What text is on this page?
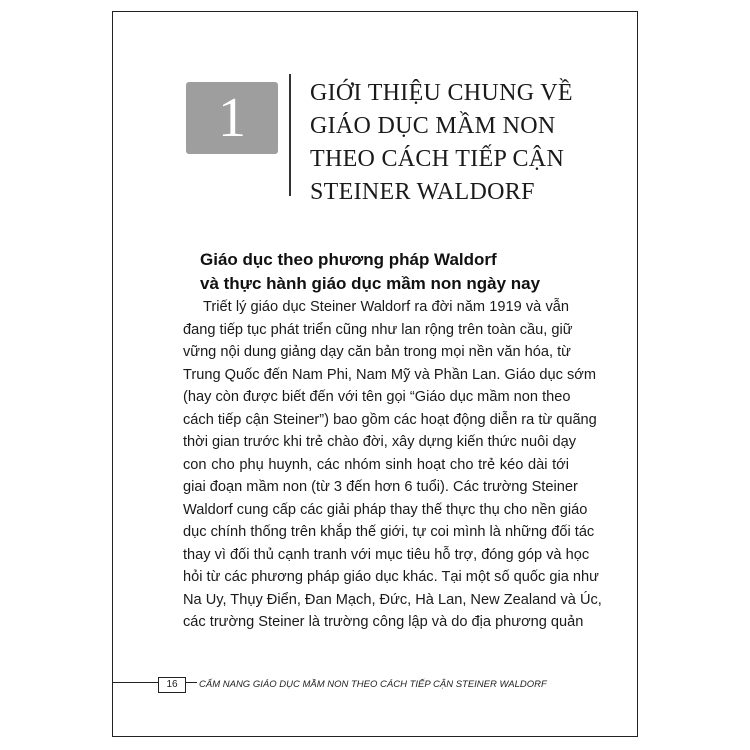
1	GIỚI THIỆU CHUNG VỀ
GIÁO DỤC MẦM NON
THEO CÁCH TIẾP CẬN
STEINER WALDORF
Giáo dục theo phương pháp Waldorf
và thực hành giáo dục mầm non ngày nay
Triết lý giáo dục Steiner Waldorf ra đời năm 1919 và vẫn
đang tiếp tục phát triển cũng như lan rộng trên toàn cầu, giữ
vững nội dung giảng dạy căn bản trong mọi nền văn hóa, từ
Trung Quốc đến Nam Phi, Nam Mỹ và Phần Lan. Giáo dục sớm
(hay còn được biết đến với tên gọi “Giáo dục mầm non theo
cách tiếp cận Steiner”) bao gồm các hoạt động diễn ra từ quãng
thời gian trước khi trẻ chào đời, xây dựng kiến thức nuôi dạy
con cho phụ huynh, các nhóm sinh hoạt cho trẻ kéo dài tới
giai đoạn mầm non (từ 3 đến hơn 6 tuổi). Các trường Steiner
Waldorf cung cấp các giải pháp thay thế thực thụ cho nền giáo
dục chính thống trên khắp thế giới, tự coi mình là những đối tác
thay vì đối thủ cạnh tranh với mục tiêu hỗ trợ, đóng góp và học
hỏi từ các phương pháp giáo dục khác. Tại một số quốc gia như
Na Uy, Thụy Điển, Đan Mạch, Đức, Hà Lan, New Zealand và Úc,
các trường Steiner là trường công lập và do địa phương quản
16	CẨM NANG GIÁO DỤC MẦM NON THEO CÁCH TIẾP CẬN STEINER WALDORF
